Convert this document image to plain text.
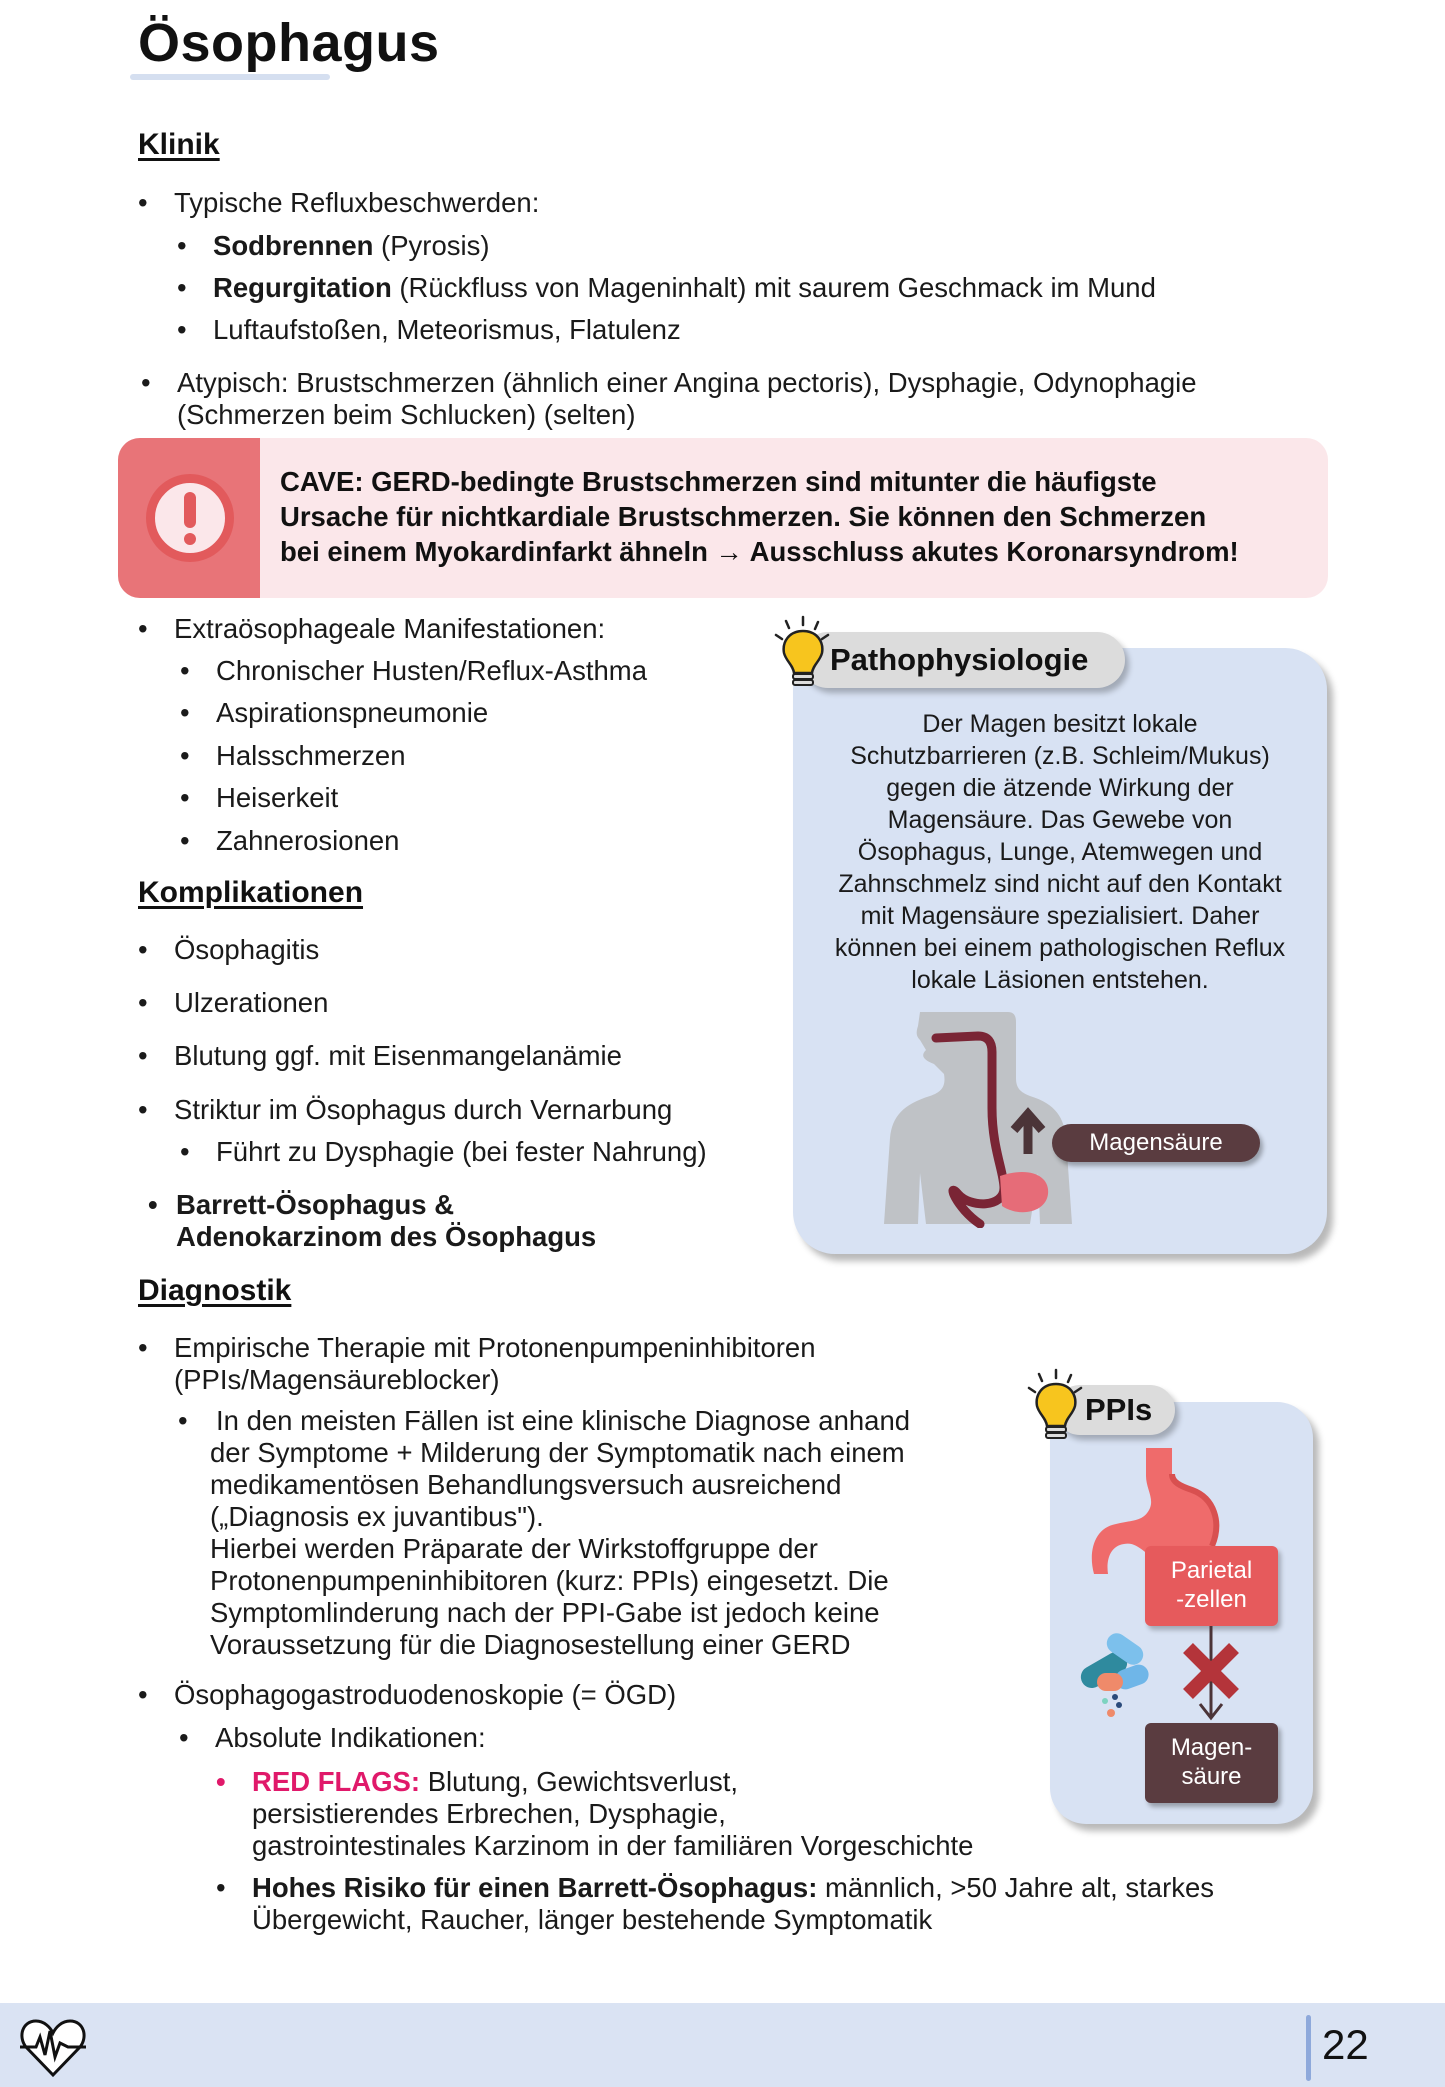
Ösophagus
Klinik
• Typische Refluxbeschwerden:
• Sodbrennen (Pyrosis)
• Regurgitation (Rückfluss von Mageninhalt) mit saurem Geschmack im Mund
• Luftaufstoßen, Meteorismus, Flatulenz
• Atypisch: Brustschmerzen (ähnlich einer Angina pectoris), Dysphagie, Odynophagie
(Schmerzen beim Schlucken) (selten)
CAVE: GERD-bedingte Brustschmerzen sind mitunter die häufigste
Ursache für nichtkardiale Brustschmerzen. Sie können den Schmerzen
bei einem Myokardinfarkt ähneln → Ausschluss akutes Koronarsyndrom!
• Extraösophageale Manifestationen:
• Chronischer Husten/Reflux-Asthma
• Aspirationspneumonie
• Halsschmerzen
• Heiserkeit
• Zahnerosionen
Pathophysiologie
Der Magen besitzt lokale
Schutzbarrieren (z.B. Schleim/Mukus)
gegen die ätzende Wirkung der
Magensäure. Das Gewebe von
Ösophagus, Lunge, Atemwegen und
Zahnschmelz sind nicht auf den Kontakt
mit Magensäure spezialisiert. Daher
können bei einem pathologischen Reflux
lokale Läsionen entstehen.
Magensäure
Komplikationen
• Ösophagitis
• Ulzerationen
• Blutung ggf. mit Eisenmangelanämie
• Striktur im Ösophagus durch Vernarbung
• Führt zu Dysphagie (bei fester Nahrung)
• Barrett-Ösophagus &
Adenokarzinom des Ösophagus
Diagnostik
• Empirische Therapie mit Protonenpumpeninhibitoren
(PPIs/Magensäureblocker)
• In den meisten Fällen ist eine klinische Diagnose anhand
der Symptome + Milderung der Symptomatik nach einem
medikamentösen Behandlungsversuch ausreichend
(„Diagnosis ex juvantibus").
Hierbei werden Präparate der Wirkstoffgruppe der
Protonenpumpeninhibitoren (kurz: PPIs) eingesetzt. Die
Symptomlinderung nach der PPI-Gabe ist jedoch keine
Voraussetzung für die Diagnosestellung einer GERD
• Ösophagogastroduodenoskopie (= ÖGD)
• Absolute Indikationen:
• RED FLAGS: Blutung, Gewichtsverlust,
persistierendes Erbrechen, Dysphagie,
gastrointestinales Karzinom in der familiären Vorgeschichte
• Hohes Risiko für einen Barrett-Ösophagus: männlich, >50 Jahre alt, starkes
Übergewicht, Raucher, länger bestehende Symptomatik
PPIs
Parietal
-zellen
Magen-
säure
22
